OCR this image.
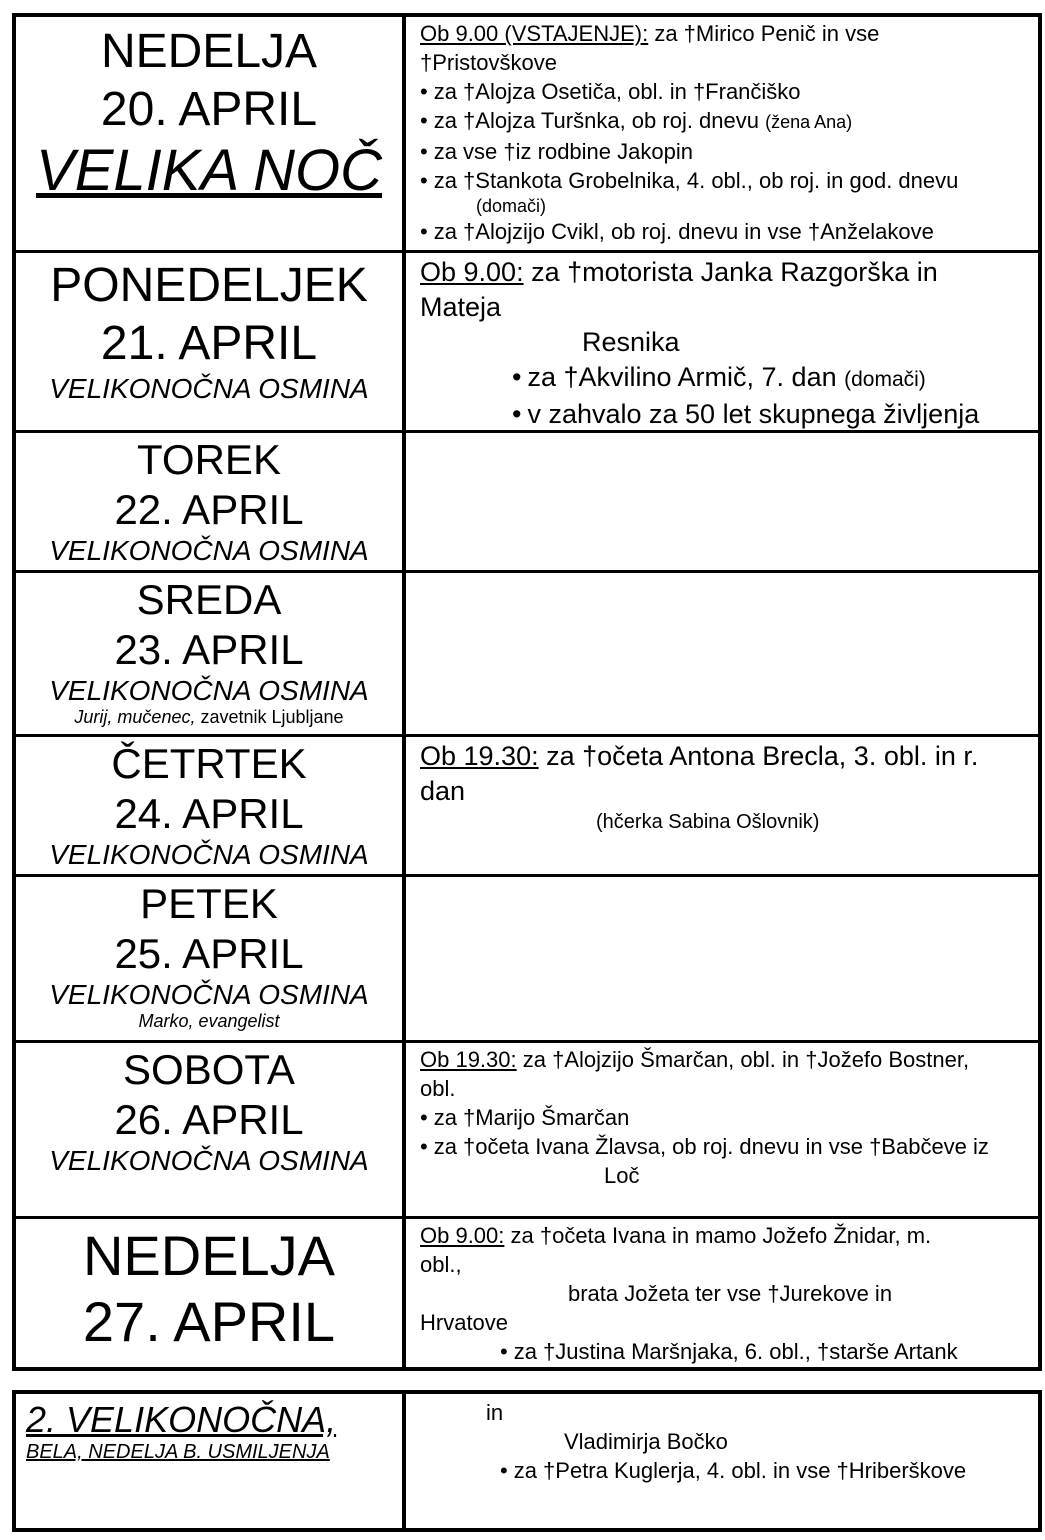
NEDELJA
20. APRIL
VELIKA NOČ
Ob 9.00 (VSTAJENJE): za †Mirico Penič in vse
†Pristovškove
• za †Alojza Osetiča, obl. in †Frančiško
• za †Alojza Turšnka, ob roj. dnevu (žena Ana)
• za vse †iz rodbine Jakopin
• za †Stankota Grobelnika, 4. obl., ob roj. in god. dnevu
(domači)
• za †Alojzijo Cvikl, ob roj. dnevu in vse †Anželakove
PONEDELJEK
21. APRIL
VELIKONOČNA OSMINA
Ob 9.00: za †motorista Janka Razgorška in
Mateja
Resnika
• za †Akvilino Armič, 7. dan (domači)
• v zahvalo za 50 let skupnega življenja
TOREK
22. APRIL
VELIKONOČNA OSMINA
SREDA
23. APRIL
VELIKONOČNA OSMINA
Jurij, mučenec, zavetnik Ljubljane
ČETRTEK
24. APRIL
VELIKONOČNA OSMINA
Ob 19.30: za †očeta Antona Brecla, 3. obl. in r.
dan
(hčerka Sabina Ošlovnik)
PETEK
25. APRIL
VELIKONOČNA OSMINA
Marko, evangelist
SOBOTA
26. APRIL
VELIKONOČNA OSMINA
Ob 19.30: za †Alojzijo Šmarčan, obl. in †Jožefo Bostner,
obl.
• za †Marijo Šmarčan
• za †očeta Ivana Žlavsa, ob roj. dnevu in vse †Babčeve iz
Loč
NEDELJA
27. APRIL
Ob 9.00: za †očeta Ivana in mamo Jožefo Žnidar, m.
obl.,
brata Jožeta ter vse †Jurekove in
Hrvatove
• za †Justina Maršnjaka, 6. obl., †starše Artank
2. VELIKONOČNA,
BELA, NEDELJA B. USMILJENJA
in
Vladimirja Bočko
• za †Petra Kuglerja, 4. obl. in vse †Hriberškove
